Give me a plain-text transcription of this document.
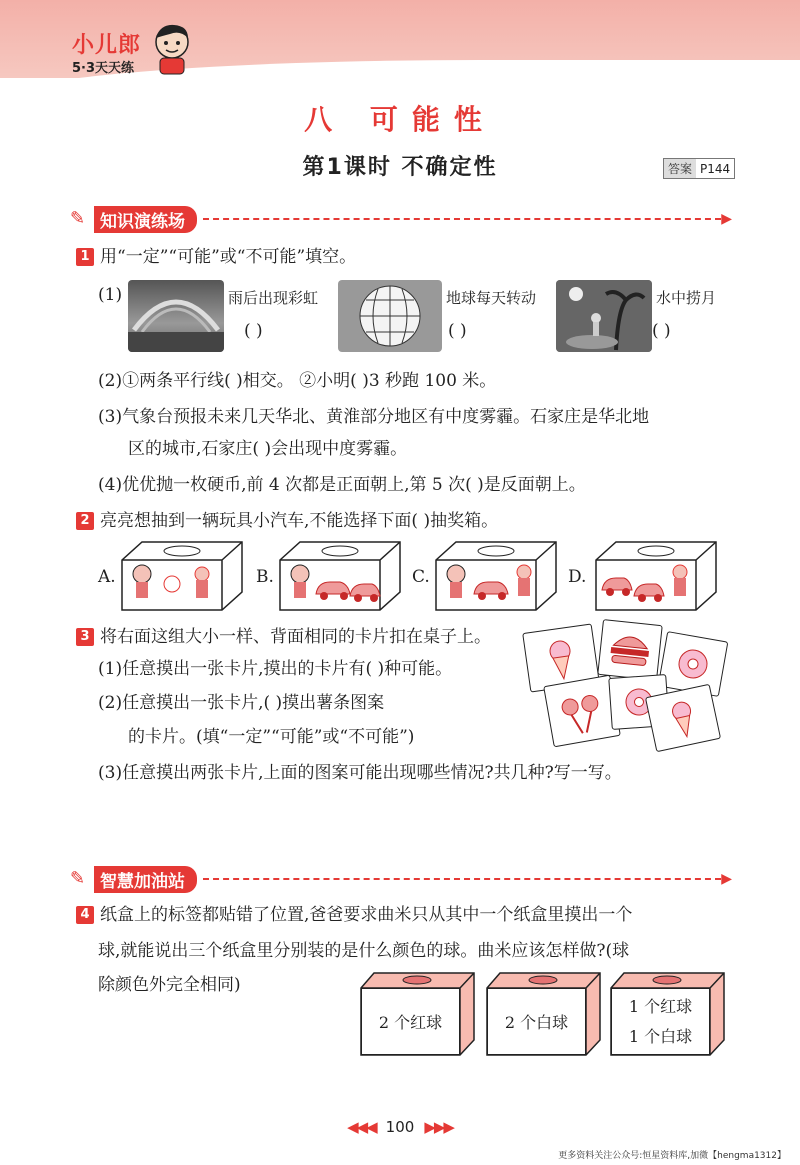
小儿郎
5·3天天练
八 可能性
第1课时 不确定性	答案 P144
✎ 知识演练场	▶
1 用“一定”“可能”或“不可能”填空。
(1)	雨后出现彩虹
( )
地球每天转动
( )
水中捞月
( )
(2)①两条平行线( )相交。 ②小明( )3 秒跑 100 米。
(3)气象台预报未来几天华北、黄淮部分地区有中度雾霾。石家庄是华北地
区的城市,石家庄( )会出现中度雾霾。
(4)优优抛一枚硬币,前 4 次都是正面朝上,第 5 次( )是反面朝上。
2 亮亮想抽到一辆玩具小汽车,不能选择下面( )抽奖箱。
A.	B.	C.	D.
3 将右面这组大小一样、背面相同的卡片扣在桌子上。
(1)任意摸出一张卡片,摸出的卡片有( )种可能。
(2)任意摸出一张卡片,( )摸出薯条图案
的卡片。(填“一定”“可能”或“不可能”)
(3)任意摸出两张卡片,上面的图案可能出现哪些情况?共几种?写一写。
✎ 智慧加油站	▶
4 纸盒上的标签都贴错了位置,爸爸要求曲米只从其中一个纸盒里摸出一个
球,就能说出三个纸盒里分别装的是什么颜色的球。曲米应该怎样做?(球
除颜色外完全相同)
2 个红球	2 个白球
1 个红球
1 个白球
◀◀◀ 100 ▶▶▶
更多资料关注公众号:恒星资料库,加微【hengma1312】
